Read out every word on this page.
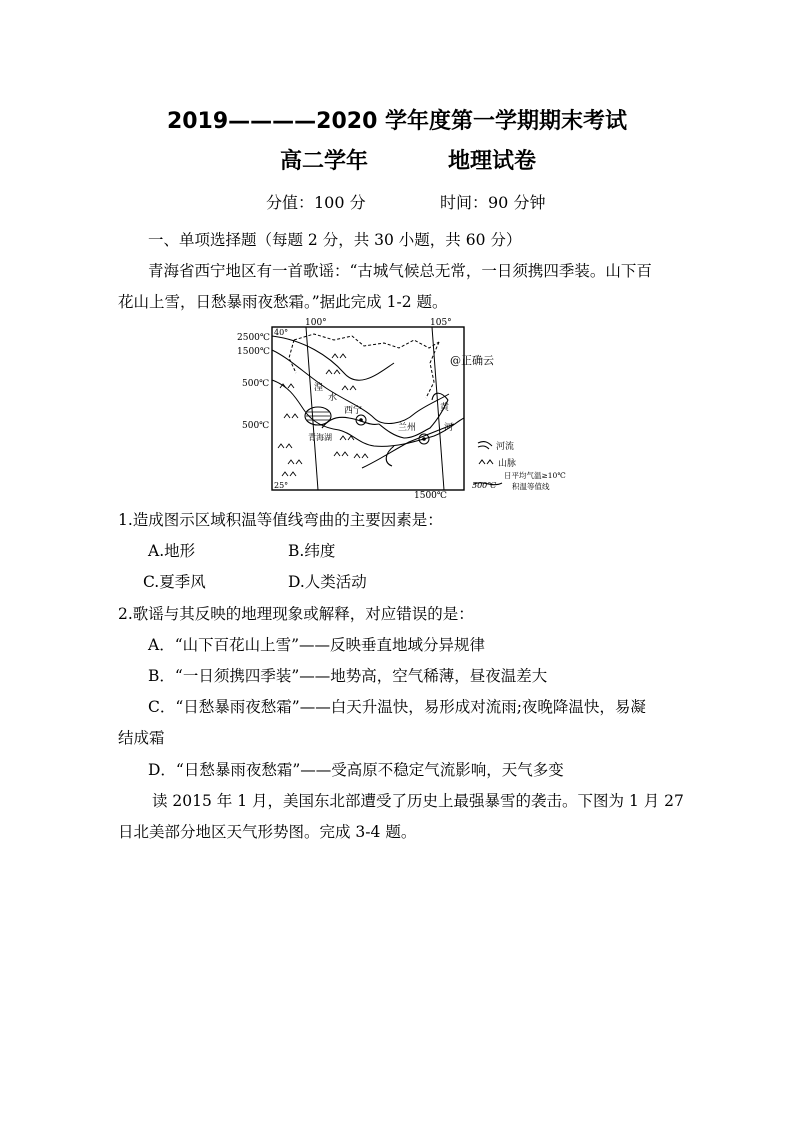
2019————2020 学年度第一学期期末考试
高二学年	地理试卷
分值：100 分	时间：90 分钟
一、单项选择题（每题 2 分，共 30 小题，共 60 分）
青海省西宁地区有一首歌谣：“古城气候总无常，一日须携四季装。山下百
花山上雪，日愁暴雨夜愁霜。”据此完成 1-2 题。
100°	105°
2500℃
40°
1500℃
500℃
500℃
1500℃
25°
湟
水
西宁
青海湖
兰州
黄
河
@正确云
河流
山脉
500℃
日平均气温≥10℃
积温等值线
1.造成图示区域积温等值线弯曲的主要因素是：
A.地形	B.纬度
C.夏季风	D.人类活动
2.歌谣与其反映的地理现象或解释，对应错误的是：
A．“山下百花山上雪”——反映垂直地域分异规律
B．“一日须携四季装”——地势高，空气稀薄，昼夜温差大
C．“日愁暴雨夜愁霜”——白天升温快，易形成对流雨;夜晚降温快，易凝
结成霜
D．“日愁暴雨夜愁霜”——受高原不稳定气流影响，天气多变
读 2015 年 1 月，美国东北部遭受了历史上最强暴雪的袭击。下图为 1 月 27
日北美部分地区天气形势图。完成 3-4 题。
